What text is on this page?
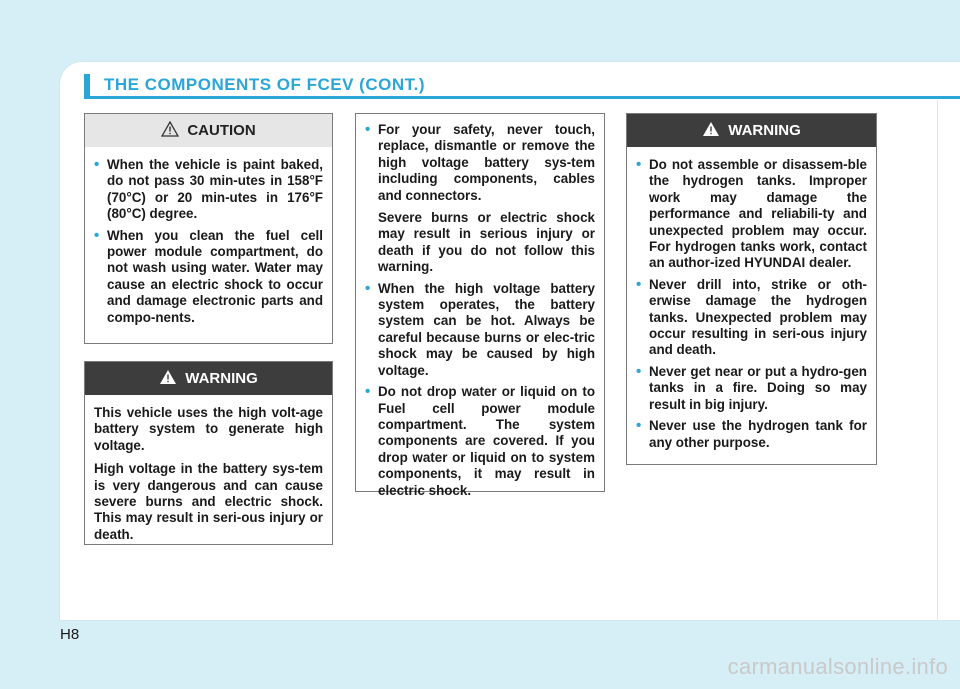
THE COMPONENTS OF FCEV (CONT.)
CAUTION
• When the vehicle is paint baked, do not pass 30 min-utes in 158°F (70°C) or 20 min-utes in 176°F (80°C) degree.
• When you clean the fuel cell power module compartment, do not wash using water. Water may cause an electric shock to occur and damage electronic parts and compo-nents.
WARNING

This vehicle uses the high volt-age battery system to generate high voltage.

High voltage in the battery sys-tem is very dangerous and can cause severe burns and electric shock. This may result in seri-ous injury or death.

• For your safety, never touch, replace, dismantle or remove the high voltage battery sys-tem including components, cables and connectors.
Severe burns or electric shock may result in serious injury or death if you do not follow this warning.
• When the high voltage battery system operates, the battery system can be hot. Always be careful because burns or elec-tric shock may be caused by high voltage.
• Do not drop water or liquid on to Fuel cell power module compartment. The system components are covered. If you drop water or liquid on to system components, it may result in electric shock.
WARNING
• Do not assemble or disassem-ble the hydrogen tanks. Improper work may damage the performance and reliabili-ty and unexpected problem may occur. For hydrogen tanks work, contact an author-ized HYUNDAI dealer.
• Never drill into, strike or oth-erwise damage the hydrogen tanks. Unexpected problem may occur resulting in seri-ous injury and death.
• Never get near or put a hydro-gen tanks in a fire. Doing so may result in big injury.
• Never use the hydrogen tank for any other purpose.
H8
carmanualsonline.info
